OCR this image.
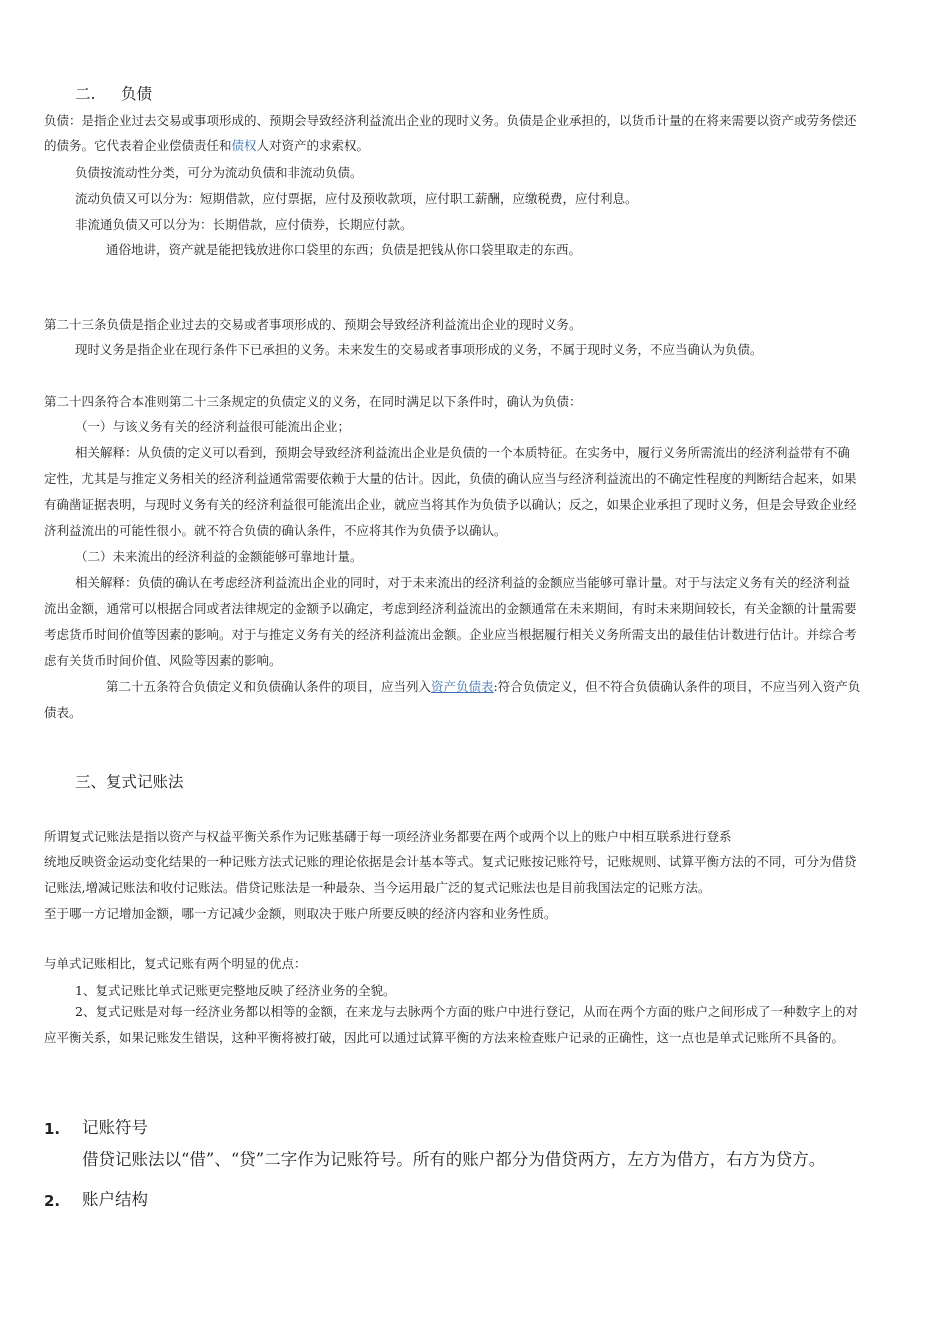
二. 负债
负债：是指企业过去交易或事项形成的、预期会导致经济利益流出企业的现时义务。负债是企业承担的，以货币计量的在将来需要以资产或劳务偿还
的债务。它代表着企业偿债责任和债权人对资产的求索权。
负债按流动性分类，可分为流动负债和非流动负债。
流动负债又可以分为：短期借款，应付票据，应付及预收款项，应付职工薪酬，应缴税费，应付利息。
非流通负债又可以分为：长期借款，应付债券，长期应付款。
通俗地讲，资产就是能把钱放进你口袋里的东西；负债是把钱从你口袋里取走的东西。
第二十三条负债是指企业过去的交易或者事项形成的、预期会导致经济利益流出企业的现时义务。
现时义务是指企业在现行条件下已承担的义务。未来发生的交易或者事项形成的义务，不属于现时义务，不应当确认为负债。
第二十四条符合本准则第二十三条规定的负债定义的义务，在同时满足以下条件时，确认为负债：
（一）与该义务有关的经济利益很可能流出企业；
相关解释：从负债的定义可以看到，预期会导致经济利益流出企业是负债的一个本质特征。在实务中，履行义务所需流出的经济利益带有不确
定性，尤其是与推定义务相关的经济利益通常需要依赖于大量的估计。因此，负债的确认应当与经济利益流出的不确定性程度的判断结合起来，如果
有确凿证据表明，与现时义务有关的经济利益很可能流出企业，就应当将其作为负债予以确认；反之，如果企业承担了现时义务，但是会导致企业经
济利益流出的可能性很小。就不符合负债的确认条件，不应将其作为负债予以确认。
（二）未来流出的经济利益的金额能够可靠地计量。
相关解释：负债的确认在考虑经济利益流出企业的同时，对于未来流出的经济利益的金额应当能够可靠计量。对于与法定义务有关的经济利益
流出金额，通常可以根据合同或者法律规定的金额予以确定，考虑到经济利益流出的金额通常在未来期间，有时未来期间较长，有关金额的计量需要
考虑货币时间价值等因素的影响。对于与推定义务有关的经济利益流出金额。企业应当根据履行相关义务所需支出的最佳估计数进行估计。并综合考
虑有关货币时间价值、风险等因素的影响。
第二十五条符合负债定义和负债确认条件的项目，应当列入资产负债表:符合负债定义，但不符合负债确认条件的项目，不应当列入资产负
债表。
三、复式记账法
所谓复式记账法是指以资产与权益平衡关系作为记账基礴于每一项经济业务都要在两个或两个以上的账户中相互联系进行登系
统地反映资金运动变化结果的一种记账方法式记账的理论依据是会计基本等式。复式记账按记账符号，记账规则、试算平衡方法的不同，可分为借贷
记账法,增减记账法和收付记账法。借贷记账法是一种最杂、当今运用最广泛的复式记账法也是目前我国法定的记账方法。
至于哪一方记增加金额，哪一方记减少金额，则取决于账户所要反映的经济内容和业务性质。
与单式记账相比，复式记账有两个明显的优点：
1、复式记账比单式记账更完整地反映了经济业务的全貌。
2、复式记账是对每一经济业务都以相等的金额，在来龙与去脉两个方面的账户中进行登记，从而在两个方面的账户之间形成了一种数字上的对
应平衡关系，如果记账发生错误，这种平衡将被打破，因此可以通过试算平衡的方法来检查账户记录的正确性，这一点也是单式记账所不具备的。
1. 记账符号
借贷记账法以“借”、“贷”二字作为记账符号。所有的账户都分为借贷两方，左方为借方，右方为贷方。
2. 账户结构
